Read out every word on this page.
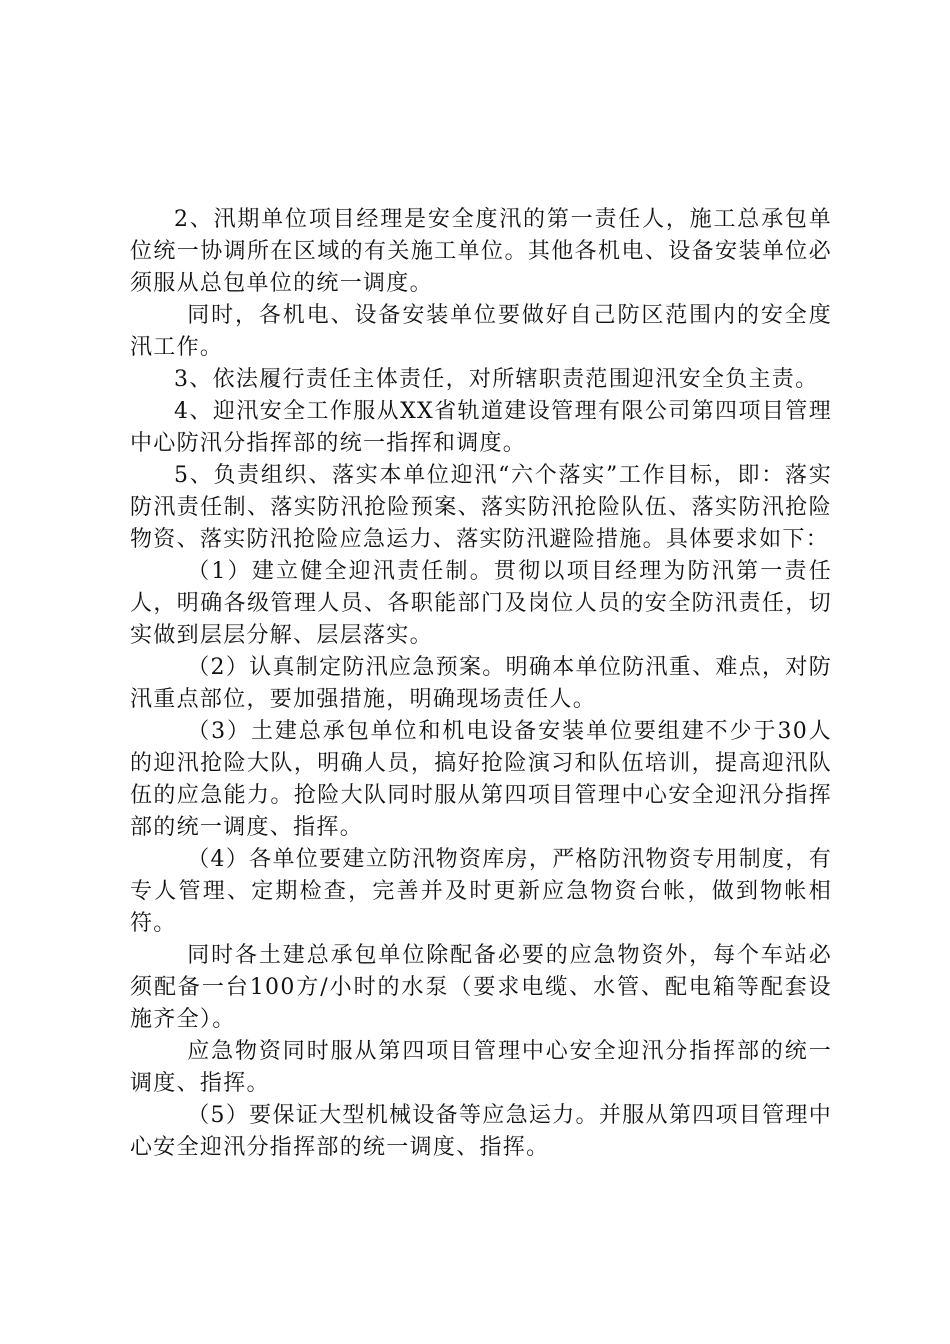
2、汛期单位项目经理是安全度汛的第一责任人，施工总承包单位统一协调所在区域的有关施工单位。其他各机电、设备安装单位必须服从总包单位的统一调度。

同时，各机电、设备安装单位要做好自己防区范围内的安全度汛工作。

3、依法履行责任主体责任，对所辖职责范围迎汛安全负主责。

4、迎汛安全工作服从XX省轨道建设管理有限公司第四项目管理中心防汛分指挥部的统一指挥和调度。

5、负责组织、落实本单位迎汛“六个落实”工作目标，即：落实防汛责任制、落实防汛抢险预案、落实防汛抢险队伍、落实防汛抢险物资、落实防汛抢险应急运力、落实防汛避险措施。具体要求如下：

（1）建立健全迎汛责任制。贯彻以项目经理为防汛第一责任人，明确各级管理人员、各职能部门及岗位人员的安全防汛责任，切实做到层层分解、层层落实。

（2）认真制定防汛应急预案。明确本单位防汛重、难点，对防汛重点部位，要加强措施，明确现场责任人。

（3）土建总承包单位和机电设备安装单位要组建不少于30人的迎汛抢险大队，明确人员，搞好抢险演习和队伍培训，提高迎汛队伍的应急能力。抢险大队同时服从第四项目管理中心安全迎汛分指挥部的统一调度、指挥。

（4）各单位要建立防汛物资库房，严格防汛物资专用制度，有专人管理、定期检查，完善并及时更新应急物资台帐，做到物帐相符。

同时各土建总承包单位除配备必要的应急物资外，每个车站必须配备一台100方/小时的水泵（要求电缆、水管、配电箱等配套设施齐全）。

应急物资同时服从第四项目管理中心安全迎汛分指挥部的统一调度、指挥。

（5）要保证大型机械设备等应急运力。并服从第四项目管理中心安全迎汛分指挥部的统一调度、指挥。
